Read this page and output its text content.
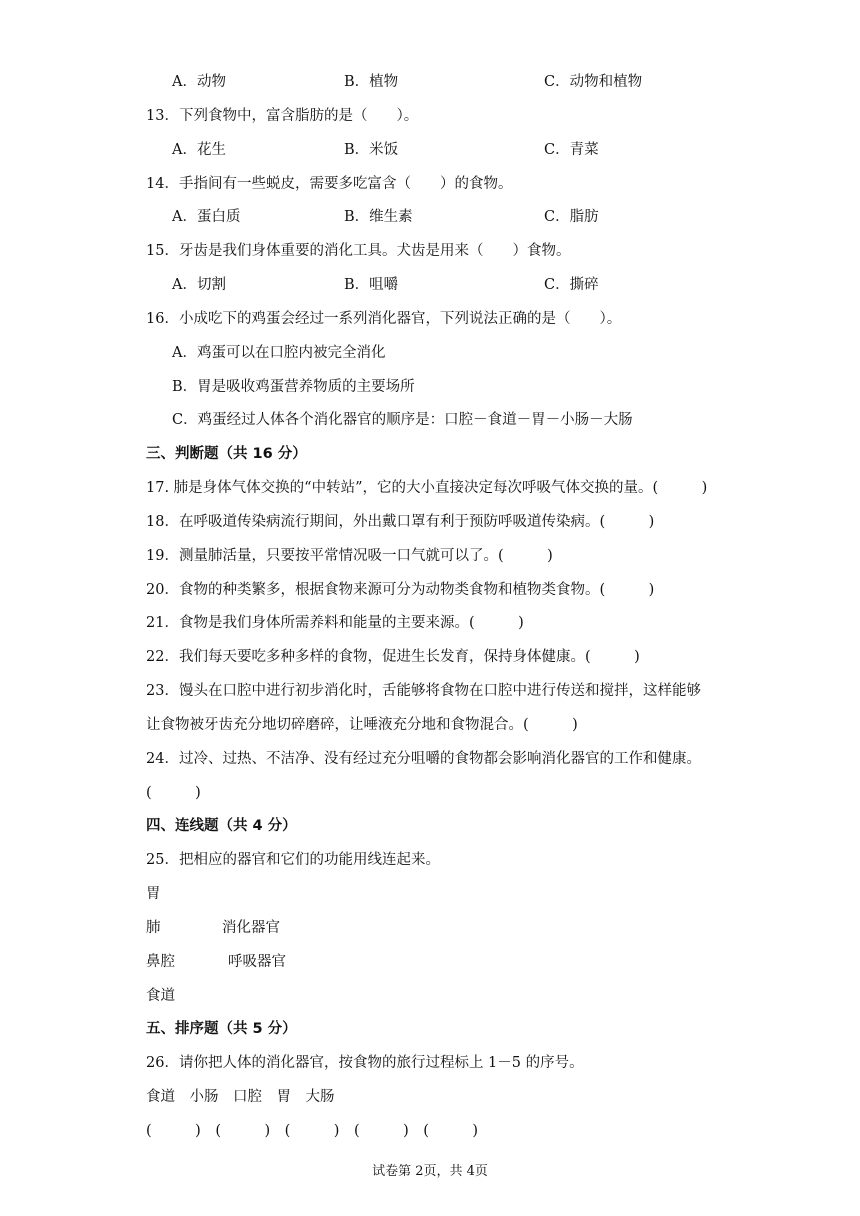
A．动物	B．植物	C．动物和植物
13．下列食物中，富含脂肪的是（　　）。
A．花生	B．米饭	C．青菜
14．手指间有一些蜕皮，需要多吃富含（　　）的食物。
A．蛋白质	B．维生素	C．脂肪
15．牙齿是我们身体重要的消化工具。犬齿是用来（　　）食物。
A．切割	B．咀嚼	C．撕碎
16．小成吃下的鸡蛋会经过一系列消化器官，下列说法正确的是（　　）。
A．鸡蛋可以在口腔内被完全消化
B．胃是吸收鸡蛋营养物质的主要场所
C．鸡蛋经过人体各个消化器官的顺序是：口腔－食道－胃－小肠－大肠
三、判断题（共 16 分）
17. 肺是身体气体交换的“中转站”，它的大小直接决定每次呼吸气体交换的量。(　　　)
18．在呼吸道传染病流行期间，外出戴口罩有利于预防呼吸道传染病。(　　　)
19．测量肺活量，只要按平常情况吸一口气就可以了。(　　　)
20．食物的种类繁多，根据食物来源可分为动物类食物和植物类食物。(　　　)
21．食物是我们身体所需养料和能量的主要来源。(　　　)
22．我们每天要吃多种多样的食物，促进生长发育，保持身体健康。(　　　)
23．馒头在口腔中进行初步消化时，舌能够将食物在口腔中进行传送和搅拌，这样能够
让食物被牙齿充分地切碎磨碎，让唾液充分地和食物混合。(　　　)
24．过冷、过热、不洁净、没有经过充分咀嚼的食物都会影响消化器官的工作和健康。
(　　　)
四、连线题（共 4 分）
25．把相应的器官和它们的功能用线连起来。
胃
肺	消化器官
鼻腔	呼吸器官
食道
五、排序题（共 5 分）
26．请你把人体的消化器官，按食物的旅行过程标上 1－5 的序号。
食道　小肠　口腔　胃　大肠
(　　　)　(　　　)　(　　　)　(　　　)　(　　　)
试卷第 2页，共 4页
